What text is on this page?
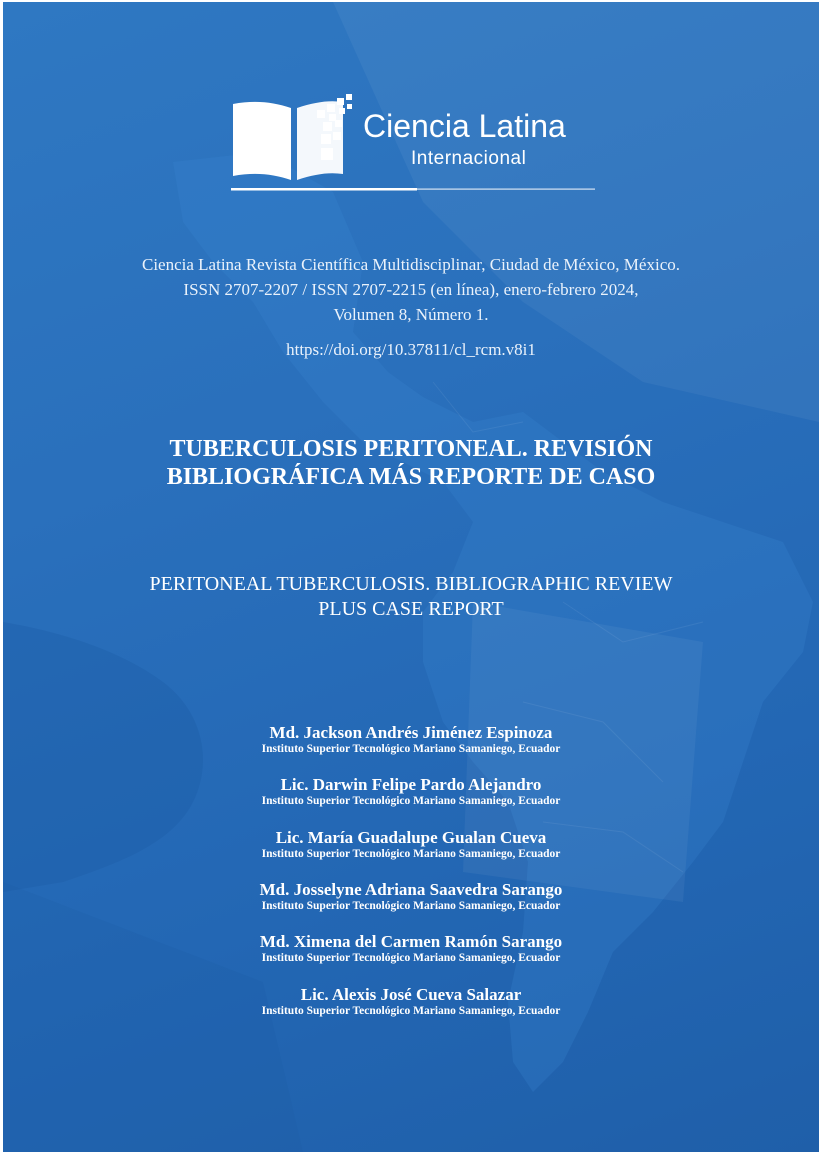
Ciencia Latina
Internacional
Ciencia Latina Revista Científica Multidisciplinar, Ciudad de México, México.
ISSN 2707-2207 / ISSN 2707-2215 (en línea), enero-febrero 2024,
Volumen 8, Número 1.
https://doi.org/10.37811/cl_rcm.v8i1
TUBERCULOSIS PERITONEAL. REVISIÓN
BIBLIOGRÁFICA MÁS REPORTE DE CASO
PERITONEAL TUBERCULOSIS. BIBLIOGRAPHIC REVIEW
PLUS CASE REPORT
Md. Jackson Andrés Jiménez Espinoza
Instituto Superior Tecnológico Mariano Samaniego, Ecuador
Lic. Darwin Felipe Pardo Alejandro
Instituto Superior Tecnológico Mariano Samaniego, Ecuador
Lic. María Guadalupe Gualan Cueva
Instituto Superior Tecnológico Mariano Samaniego, Ecuador
Md. Josselyne Adriana Saavedra Sarango
Instituto Superior Tecnológico Mariano Samaniego, Ecuador
Md. Ximena del Carmen Ramón Sarango
Instituto Superior Tecnológico Mariano Samaniego, Ecuador
Lic. Alexis José Cueva Salazar
Instituto Superior Tecnológico Mariano Samaniego, Ecuador
